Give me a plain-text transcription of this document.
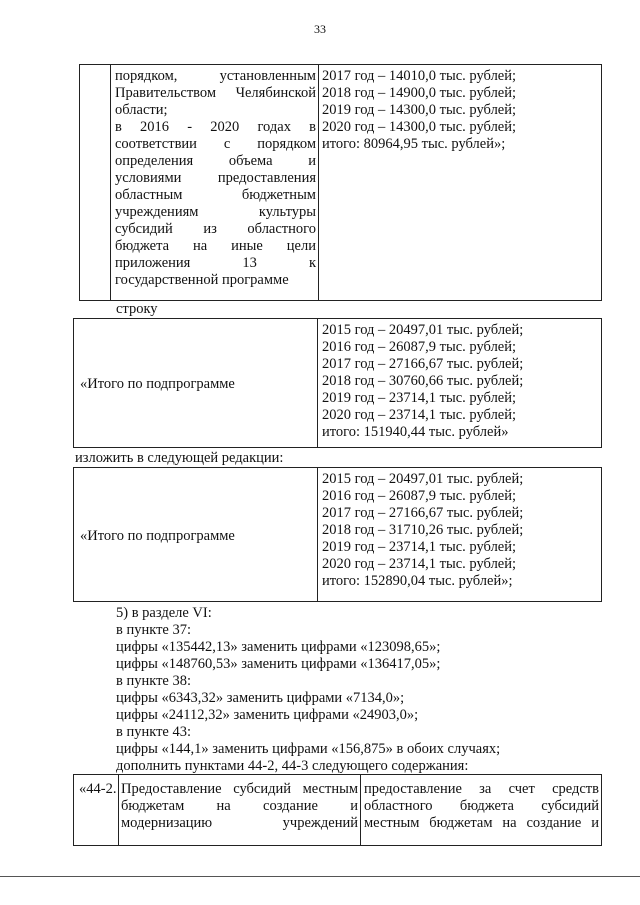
33
порядком, установленным
Правительством Челябинской
области;
в 2016 - 2020 годах в
соответствии с порядком
определения объема и
условиями предоставления
областным бюджетным
учреждениям культуры
субсидий из областного
бюджета на иные цели
приложения 13 к
государственной программе
2017 год – 14010,0 тыс. рублей;
2018 год – 14900,0 тыс. рублей;
2019 год – 14300,0 тыс. рублей;
2020 год – 14300,0 тыс. рублей;
итого: 80964,95 тыс. рублей»;
строку
«Итого по подпрограмме
2015 год – 20497,01 тыс. рублей;
2016 год – 26087,9 тыс. рублей;
2017 год – 27166,67 тыс. рублей;
2018 год – 30760,66 тыс. рублей;
2019 год – 23714,1 тыс. рублей;
2020 год – 23714,1 тыс. рублей;
итого: 151940,44 тыс. рублей»
изложить в следующей редакции:
«Итого по подпрограмме
2015 год – 20497,01 тыс. рублей;
2016 год – 26087,9 тыс. рублей;
2017 год – 27166,67 тыс. рублей;
2018 год – 31710,26 тыс. рублей;
2019 год – 23714,1 тыс. рублей;
2020 год – 23714,1 тыс. рублей;
итого: 152890,04 тыс. рублей»;
5) в разделе VI:
в пункте 37:
цифры «135442,13» заменить цифрами «123098,65»;
цифры «148760,53» заменить цифрами «136417,05»;
в пункте 38:
цифры «6343,32» заменить цифрами «7134,0»;
цифры «24112,32» заменить цифрами «24903,0»;
в пункте 43:
цифры «144,1» заменить цифрами «156,875» в обоих случаях;
дополнить пунктами 44-2, 44-3 следующего содержания:
«44-2. Предоставление субсидий местным
бюджетам на создание и
модернизацию учреждений
предоставление за счет средств
областного бюджета субсидий
местным бюджетам на создание и
